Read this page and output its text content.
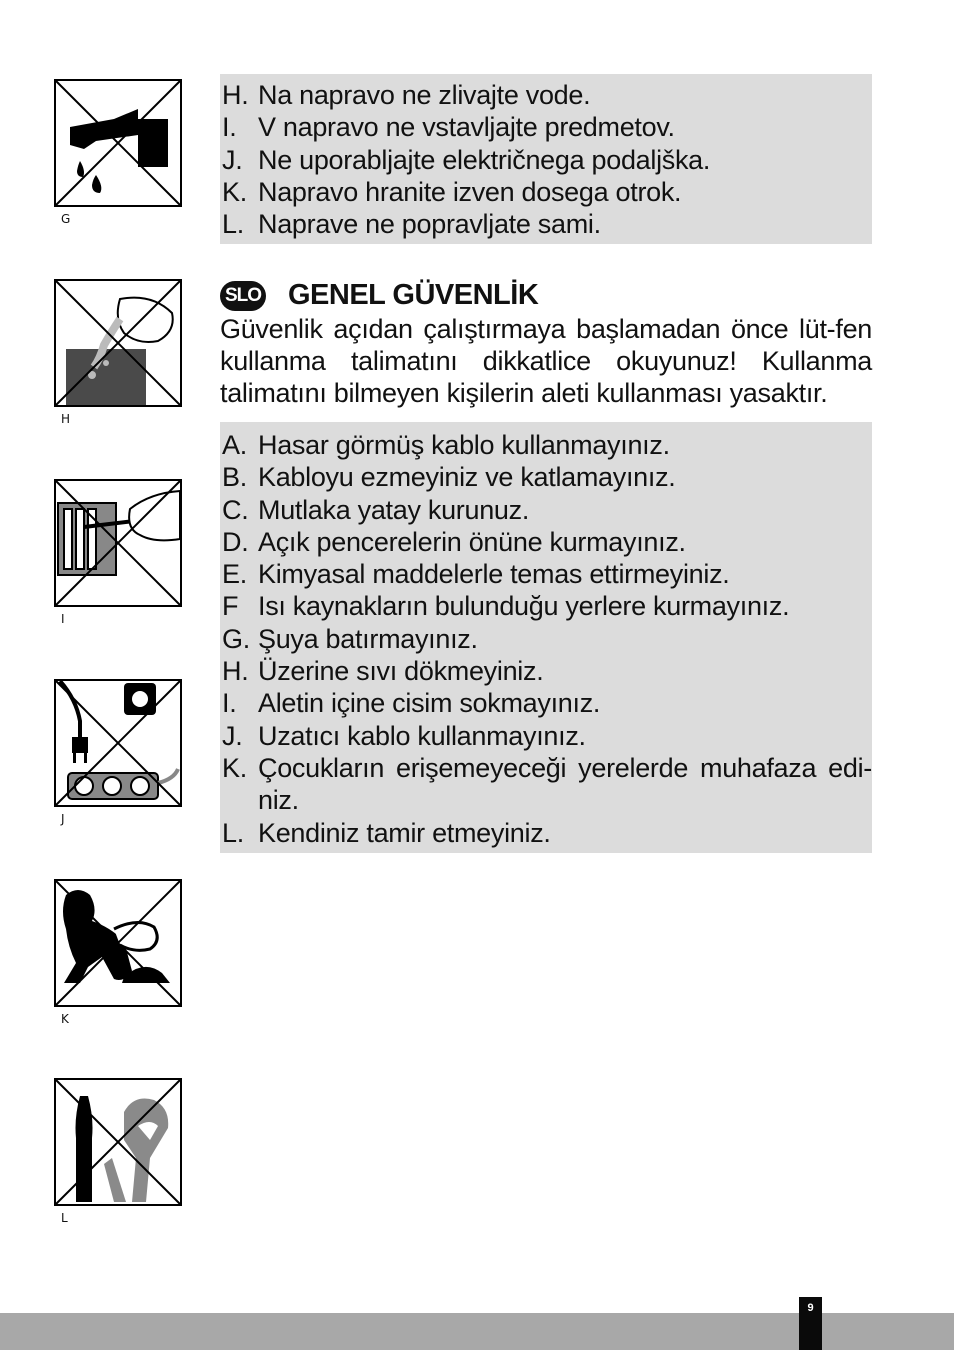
G
H
I
J
K
L
H. Na napravo ne zlivajte vode.
I. V napravo ne vstavljajte predmetov.
J. Ne uporabljajte električnega podaljška.
K. Napravo hranite izven dosega otrok.
L. Naprave ne popravljate sami.
SLO GENEL GÜVENLİK
Güvenlik açıdan çalıştırmaya başlamadan önce lüt-fen kullanma talimatını dikkatlice okuyunuz! Kullanma talimatını bilmeyen kişilerin aleti kullanması yasaktır.
A. Hasar görmüş kablo kullanmayınız.
B. Kabloyu ezmeyiniz ve katlamayınız.
C. Mutlaka yatay kurunuz.
D. Açık pencerelerin önüne kurmayınız.
E. Kimyasal maddelerle temas ettirmeyiniz.
F Isı kaynakların bulunduğu yerlere kurmayınız.
G. Şuya batırmayınız.
H. Üzerine sıvı dökmeyiniz.
I. Aletin içine cisim sokmayınız.
J. Uzatıcı kablo kullanmayınız.
K. Çocukların erişemeyeceği yerelerde muhafaza edi-niz.
L. Kendiniz tamir etmeyiniz.
9
